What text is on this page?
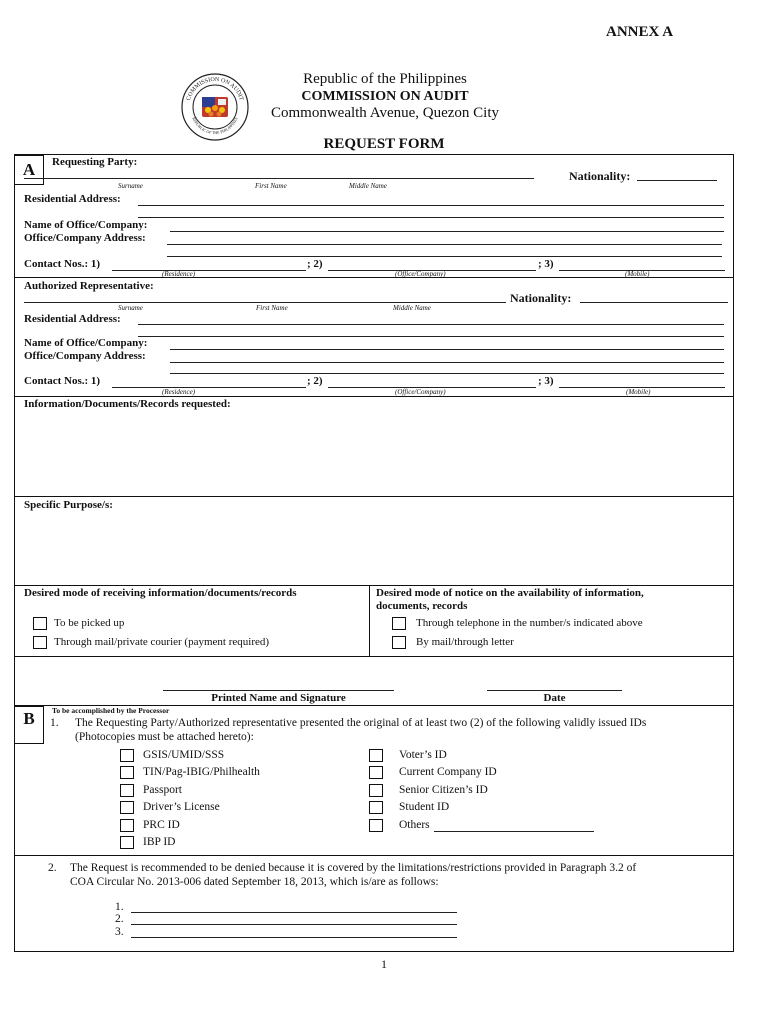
ANNEX A
COMMISSION ON AUDIT
REPUBLIC OF THE PHILIPPINES
Republic of the Philippines
COMMISSION ON AUDIT
Commonwealth Avenue, Quezon City
REQUEST FORM
A	Requesting Party:
Nationality:
Surname	First Name	Middle Name
Residential Address:
Name of Office/Company:
Office/Company Address:
Contact Nos.: 1)	; 2)	; 3)
(Residence)	(Office/Company)	(Mobile)
Authorized Representative:
Nationality:
Surname	First Name	Middle Name
Residential Address:
Name of Office/Company:
Office/Company Address:
Contact Nos.: 1)	; 2)	; 3)
(Residence)	(Office/Company)	(Mobile)
Information/Documents/Records requested:
Specific Purpose/s:
Desired mode of receiving information/documents/records	Desired mode of notice on the availability of information,
documents, records
To be picked up
Through mail/private courier (payment required)
Through telephone in the number/s indicated above
By mail/through letter
Printed Name and Signature	Date
B	To be accomplished by the Processor
1. The Requesting Party/Authorized representative presented the original of at least two (2) of the following validly issued IDs
(Photocopies must be attached hereto):
GSIS/UMID/SSS
TIN/Pag-IBIG/Philhealth
Passport
Driver’s License
PRC ID
IBP ID
Voter’s ID
Current Company ID
Senior Citizen’s ID
Student ID
Others
2. The Request is recommended to be denied because it is covered by the limitations/restrictions provided in Paragraph 3.2 of
COA Circular No. 2013-006 dated September 18, 2013, which is/are as follows:
1.
2.
3.
1
